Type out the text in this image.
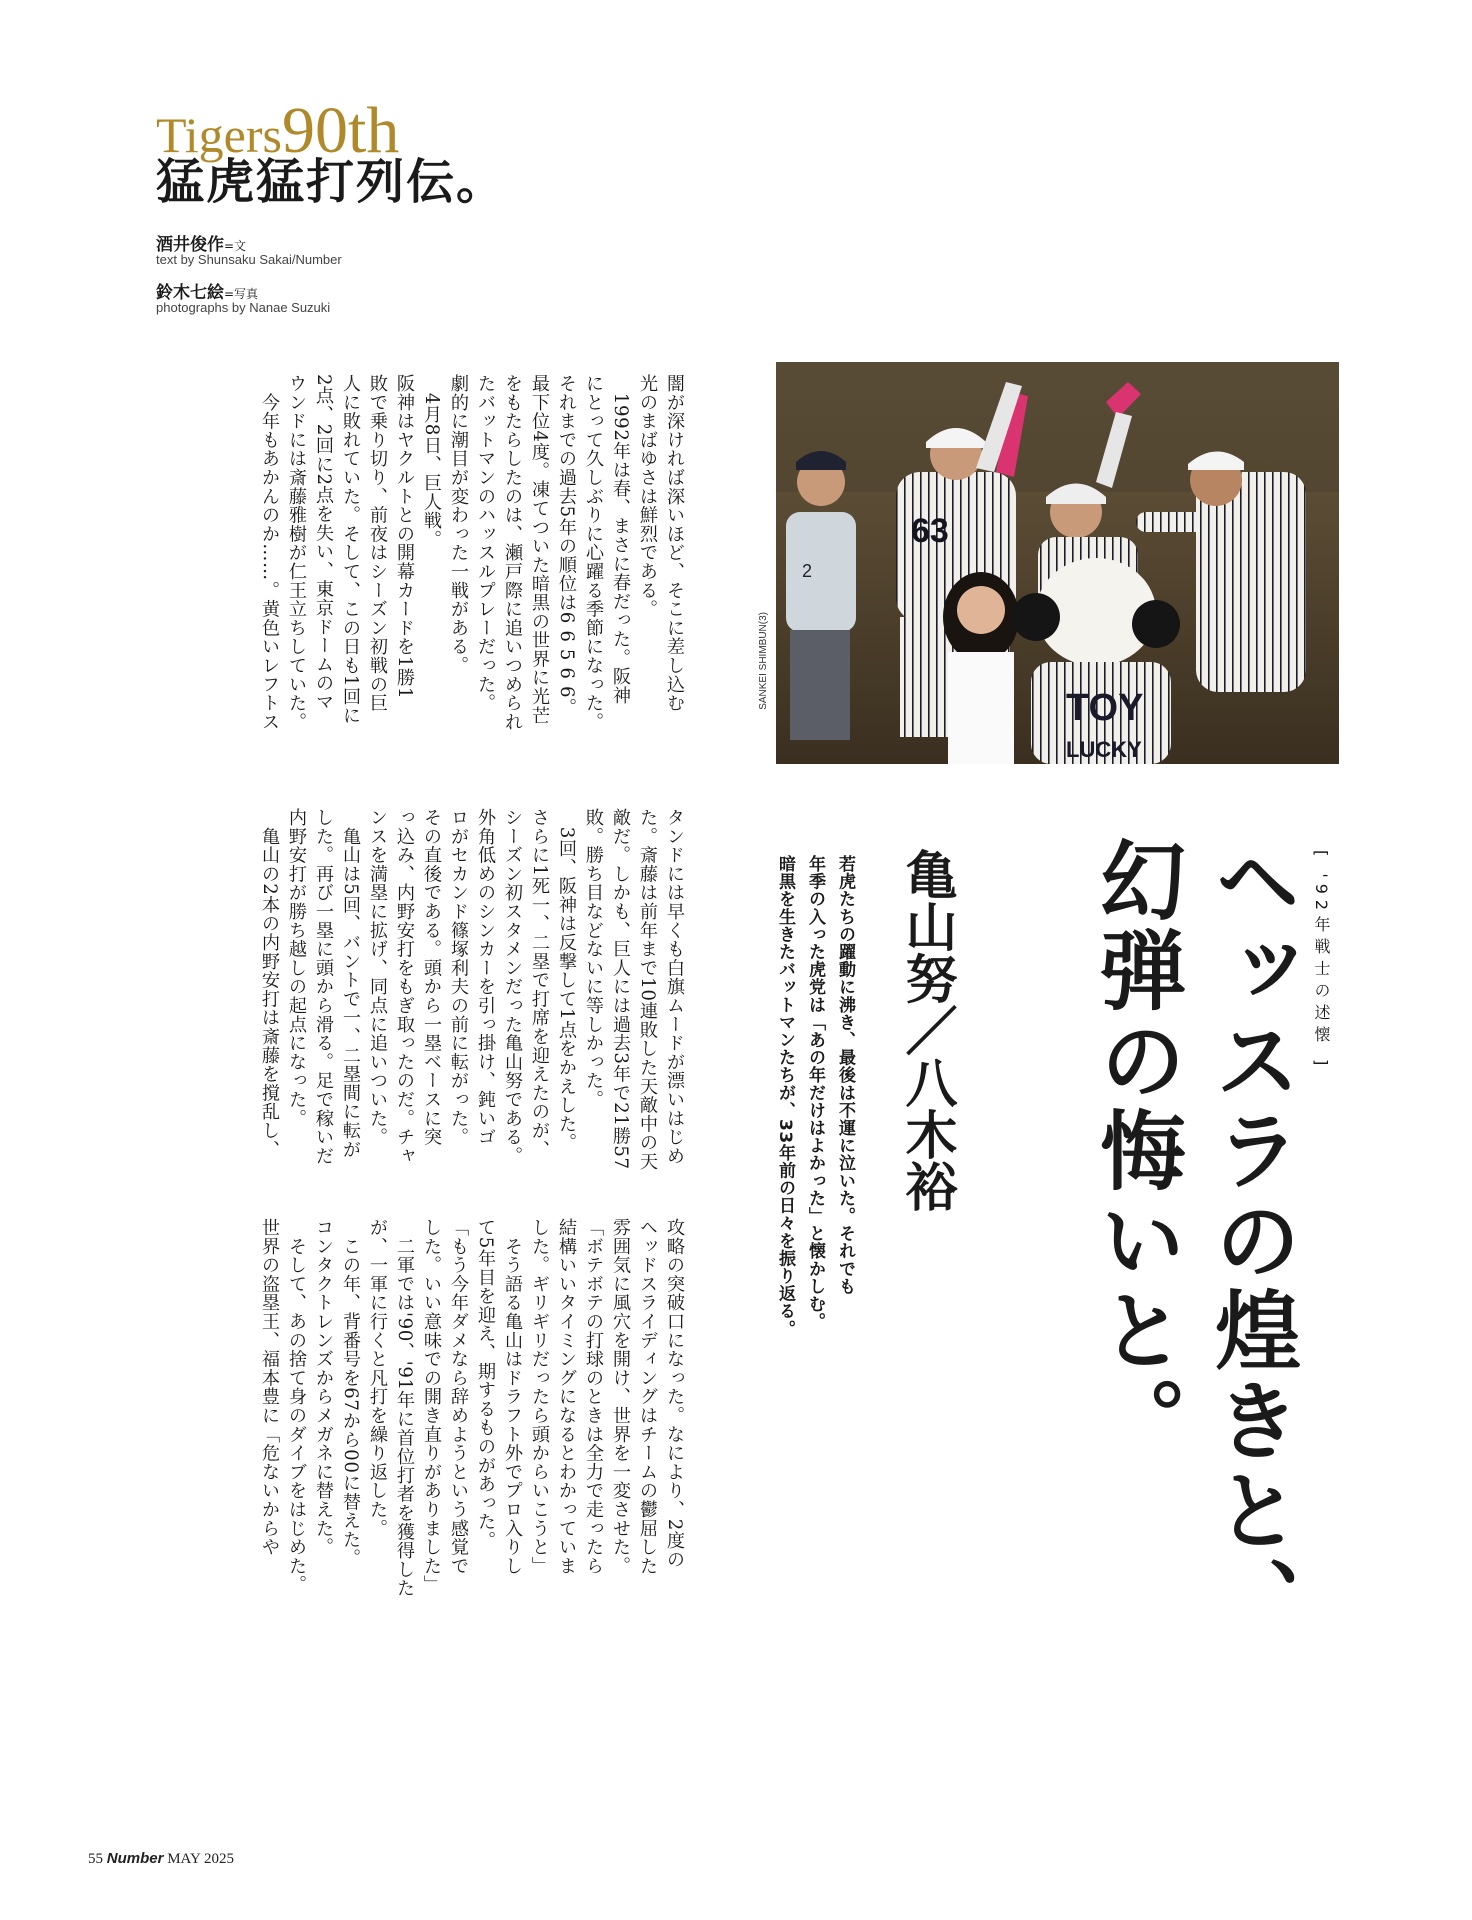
Tigers90th
猛虎猛打列伝。
酒井俊作=文
text by Shunsaku Sakai/Number
鈴木七絵=写真
photographs by Nanae Suzuki
闇が深ければ深いほど、そこに差し込む
光のまばゆさは鮮烈である。
　1992年は春、まさに春だった。阪神
にとって久しぶりに心躍る季節になった。
それまでの過去5年の順位は6 6 5 6 6。
最下位4度。凍てついた暗黒の世界に光芒
をもたらしたのは、瀬戸際に追いつめられ
たバットマンのハッスルプレーだった。
劇的に潮目が変わった一戦がある。
　4月8日、巨人戦。
阪神はヤクルトとの開幕カードを1勝1
敗で乗り切り、前夜はシーズン初戦の巨
人に敗れていた。そして、この日も1回に
2点、2回に2点を失い、東京ドームのマ
ウンドには斎藤雅樹が仁王立ちしていた。
　今年もあかんのか……。黄色いレフトス
タンドには早くも白旗ムードが漂いはじめ
た。斎藤は前年まで10連敗した天敵中の天
敵だ。しかも、巨人には過去3年で21勝57
敗。勝ち目などないに等しかった。
　3回、阪神は反撃して1点をかえした。
さらに1死一、二塁で打席を迎えたのが、
シーズン初スタメンだった亀山努である。
外角低めのシンカーを引っ掛け、鈍いゴ
ロがセカンド篠塚利夫の前に転がった。
その直後である。頭から一塁ベースに突
っ込み、内野安打をもぎ取ったのだ。チャ
ンスを満塁に拡げ、同点に追いついた。
　亀山は5回、バントで一、二塁間に転が
した。再び一塁に頭から滑る。足で稼いだ
内野安打が勝ち越しの起点になった。
　亀山の2本の内野安打は斎藤を撹乱し、
攻略の突破口になった。なにより、2度の
ヘッドスライディングはチームの鬱屈した
雰囲気に風穴を開け、世界を一変させた。
「ボテボテの打球のときは全力で走ったら
結構いいタイミングになるとわかっていま
した。ギリギリだったら頭からいこうと」
　そう語る亀山はドラフト外でプロ入りし
て5年目を迎え、期するものがあった。
「もう今年ダメなら辞めようという感覚で
した。いい意味での開き直りがありました」
　二軍では'90、'91年に首位打者を獲得した
が、一軍に行くと凡打を繰り返した。
　この年、背番号を67から00に替えた。
コンタクトレンズからメガネに替えた。
　そして、あの捨て身のダイブをはじめた。
世界の盗塁王、福本豊に「危ないからや
2
63
TOY
LUCKY
SANKEI SHIMBUN(3)
[ '92年戦士の述懐 ]
ヘッスラの煌きと、
幻弾の悔いと。
亀山努／八木裕
若虎たちの躍動に沸き、最後は不運に泣いた。それでも
年季の入った虎党は「あの年だけはよかった」と懐かしむ。
暗黒を生きたバットマンたちが、33年前の日々を振り返る。
55 Number MAY 2025
